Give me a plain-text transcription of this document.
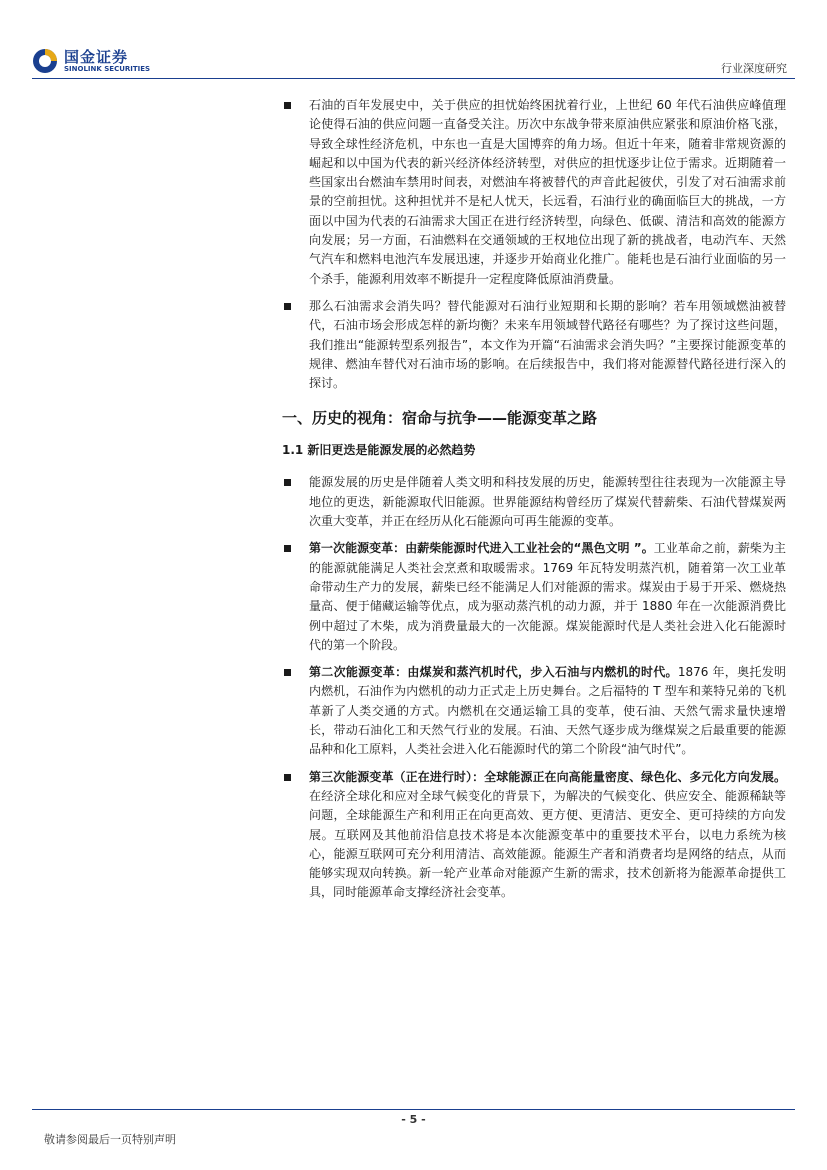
国金证券
SINOLINK SECURITIES	行业深度研究

石油的百年发展史中，关于供应的担忧始终困扰着行业，上世纪 60 年代石油供应峰值理论使得石油的供应问题一直备受关注。历次中东战争带来原油供应紧张和原油价格飞涨，导致全球性经济危机，中东也一直是大国博弈的角力场。但近十年来，随着非常规资源的崛起和以中国为代表的新兴经济体经济转型，对供应的担忧逐步让位于需求。近期随着一些国家出台燃油车禁用时间表，对燃油车将被替代的声音此起彼伏，引发了对石油需求前景的空前担忧。这种担忧并不是杞人忧天，长远看，石油行业的确面临巨大的挑战，一方面以中国为代表的石油需求大国正在进行经济转型，向绿色、低碳、清洁和高效的能源方向发展；另一方面，石油燃料在交通领域的王权地位出现了新的挑战者，电动汽车、天然气汽车和燃料电池汽车发展迅速，并逐步开始商业化推广。能耗也是石油行业面临的另一个杀手，能源利用效率不断提升一定程度降低原油消费量。

那么石油需求会消失吗？替代能源对石油行业短期和长期的影响？若车用领域燃油被替代，石油市场会形成怎样的新均衡？未来车用领域替代路径有哪些？为了探讨这些问题，我们推出“能源转型系列报告”，本文作为开篇“石油需求会消失吗？”主要探讨能源变革的规律、燃油车替代对石油市场的影响。在后续报告中，我们将对能源替代路径进行深入的探讨。

一、历史的视角：宿命与抗争——能源变革之路
1.1 新旧更迭是能源发展的必然趋势

能源发展的历史是伴随着人类文明和科技发展的历史，能源转型往往表现为一次能源主导地位的更迭，新能源取代旧能源。世界能源结构曾经历了煤炭代替薪柴、石油代替煤炭两次重大变革，并正在经历从化石能源向可再生能源的变革。

第一次能源变革：由薪柴能源时代进入工业社会的“黑色文明 ”。工业革命之前，薪柴为主的能源就能满足人类社会烹煮和取暖需求。1769 年瓦特发明蒸汽机，随着第一次工业革命带动生产力的发展，薪柴已经不能满足人们对能源的需求。煤炭由于易于开采、燃烧热量高、便于储藏运输等优点，成为驱动蒸汽机的动力源，并于 1880 年在一次能源消费比例中超过了木柴，成为消费量最大的一次能源。煤炭能源时代是人类社会进入化石能源时代的第一个阶段。

第二次能源变革：由煤炭和蒸汽机时代，步入石油与内燃机的时代。1876 年，奥托发明内燃机，石油作为内燃机的动力正式走上历史舞台。之后福特的 T 型车和莱特兄弟的飞机革新了人类交通的方式。内燃机在交通运输工具的变革，使石油、天然气需求量快速增长，带动石油化工和天然气行业的发展。石油、天然气逐步成为继煤炭之后最重要的能源品种和化工原料，人类社会进入化石能源时代的第二个阶段“油气时代”。

第三次能源变革（正在进行时）：全球能源正在向高能量密度、绿色化、多元化方向发展。在经济全球化和应对全球气候变化的背景下，为解决的气候变化、供应安全、能源稀缺等问题，全球能源生产和利用正在向更高效、更方便、更清洁、更安全、更可持续的方向发展。互联网及其他前沿信息技术将是本次能源变革中的重要技术平台，以电力系统为核心，能源互联网可充分利用清洁、高效能源。能源生产者和消费者均是网络的结点，从而能够实现双向转换。新一轮产业革命对能源产生新的需求，技术创新将为能源革命提供工具，同时能源革命支撑经济社会变革。

- 5 -
敬请参阅最后一页特别声明
